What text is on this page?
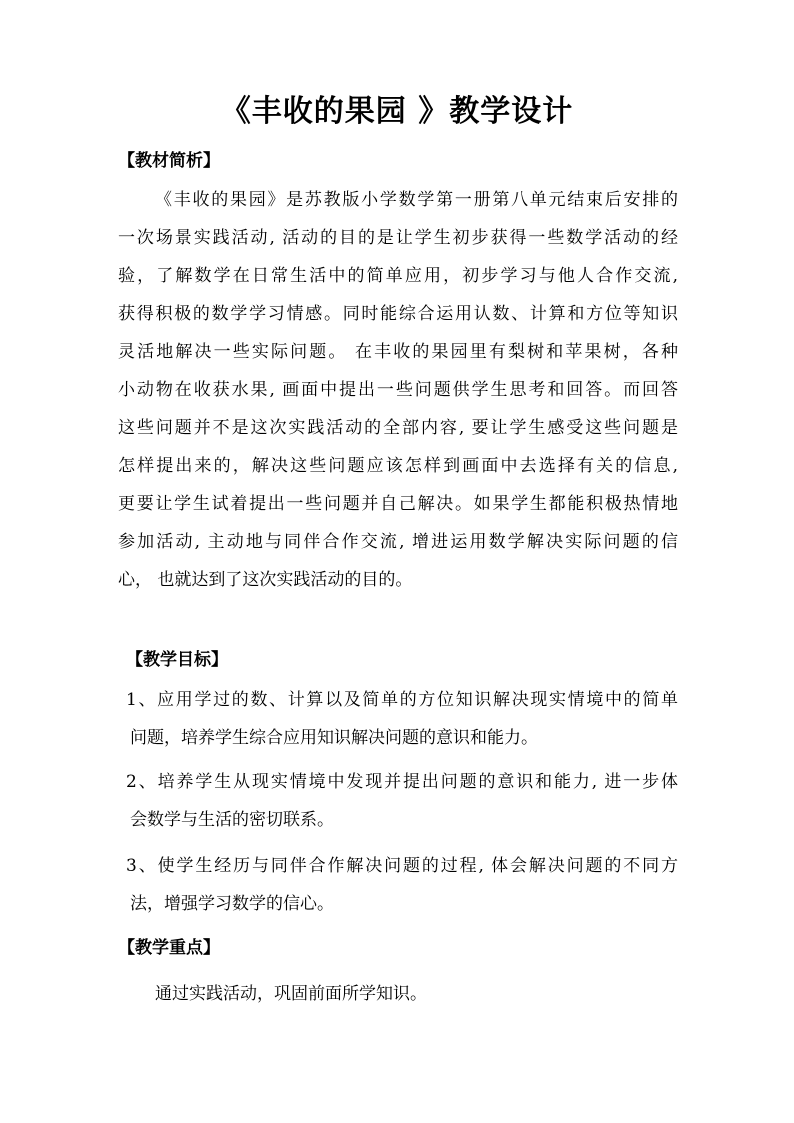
《丰收的果园 》教学设计
【教材简析】
《丰收的果园》是苏教版小学数学第一册第八单元结束后安排的
一次场景实践活动, 活动的目的是让学生初步获得一些数学活动的经
验，了解数学在日常生活中的简单应用，初步学习与他人合作交流,
获得积极的数学学习情感。同时能综合运用认数、计算和方位等知识
灵活地解决一些实际问题。 在丰收的果园里有梨树和苹果树，各种
小动物在收获水果, 画面中提出一些问题供学生思考和回答。而回答
这些问题并不是这次实践活动的全部内容, 要让学生感受这些问题是
怎样提出来的，解决这些问题应该怎样到画面中去选择有关的信息,
更要让学生试着提出一些问题并自己解决。如果学生都能积极热情地
参加活动, 主动地与同伴合作交流, 增进运用数学解决实际问题的信
心， 也就达到了这次实践活动的目的。
【教学目标】
1、应用学过的数、计算以及简单的方位知识解决现实情境中的简单
问题，培养学生综合应用知识解决问题的意识和能力。
2、培养学生从现实情境中发现并提出问题的意识和能力, 进一步体
会数学与生活的密切联系。
3、使学生经历与同伴合作解决问题的过程, 体会解决问题的不同方
法，增强学习数学的信心。
【教学重点】
通过实践活动，巩固前面所学知识。
